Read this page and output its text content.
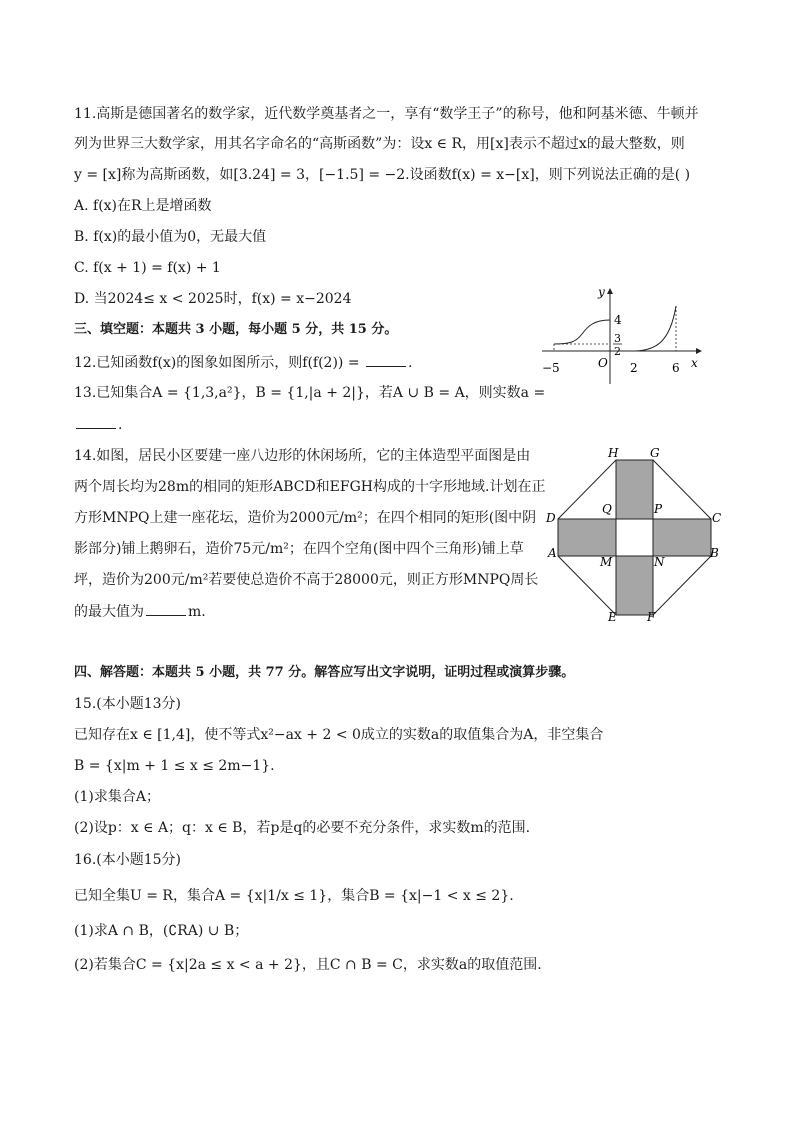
11.高斯是德国著名的数学家，近代数学奠基者之一，享有“数学王子”的称号，他和阿基米德、牛顿并
列为世界三大数学家，用其名字命名的“高斯函数”为：设x ∈ R，用[x]表示不超过x的最大整数，则
y = [x]称为高斯函数，如[3.24] = 3，[−1.5] = −2.设函数f(x) = x−[x]，则下列说法正确的是( )
A. f(x)在R上是增函数
B. f(x)的最小值为0，无最大值
C. f(x + 1) = f(x) + 1
D. 当2024≤ x < 2025时，f(x) = x−2024
三、填空题：本题共 3 小题，每小题 5 分，共 15 分。
12.已知函数f(x)的图象如图所示，则f(f(2)) =	.
13.已知集合A = {1,3,a²}，B = {1,|a + 2|}，若A ∪ B = A，则实数a =
.
14.如图，居民小区要建一座八边形的休闲场所，它的主体造型平面图是由
两个周长均为28m的相同的矩形ABCD和EFGH构成的十字形地域.计划在正
方形MNPQ上建一座花坛，造价为2000元/m²；在四个相同的矩形(图中阴
影部分)铺上鹅卵石，造价75元/m²；在四个空角(图中四个三角形)铺上草
坪，造价为200元/m²若要使总造价不高于28000元，则正方形MNPQ周长
的最大值为	m.
四、解答题：本题共 5 小题，共 77 分。解答应写出文字说明，证明过程或演算步骤。
15.(本小题13分)
已知存在x ∈ [1,4]，使不等式x²−ax + 2 < 0成立的实数a的取值集合为A，非空集合
B = {x|m + 1 ≤ x ≤ 2m−1}.
(1)求集合A；
(2)设p：x ∈ A；q：x ∈ B，若p是q的必要不充分条件，求实数m的范围.
16.(本小题15分)
已知全集U = R，集合A = {x|1/x ≤ 1}，集合B = {x|−1 < x ≤ 2}.
(1)求A ∩ B，(∁RA) ∪ B；
(2)若集合C = {x|2a ≤ x < a + 2}，且C ∩ B = C，求实数a的取值范围.
y
x
O
4
3
2
−5	2	6
H	G
D	C
A	B
E	F
Q	P
M	N
